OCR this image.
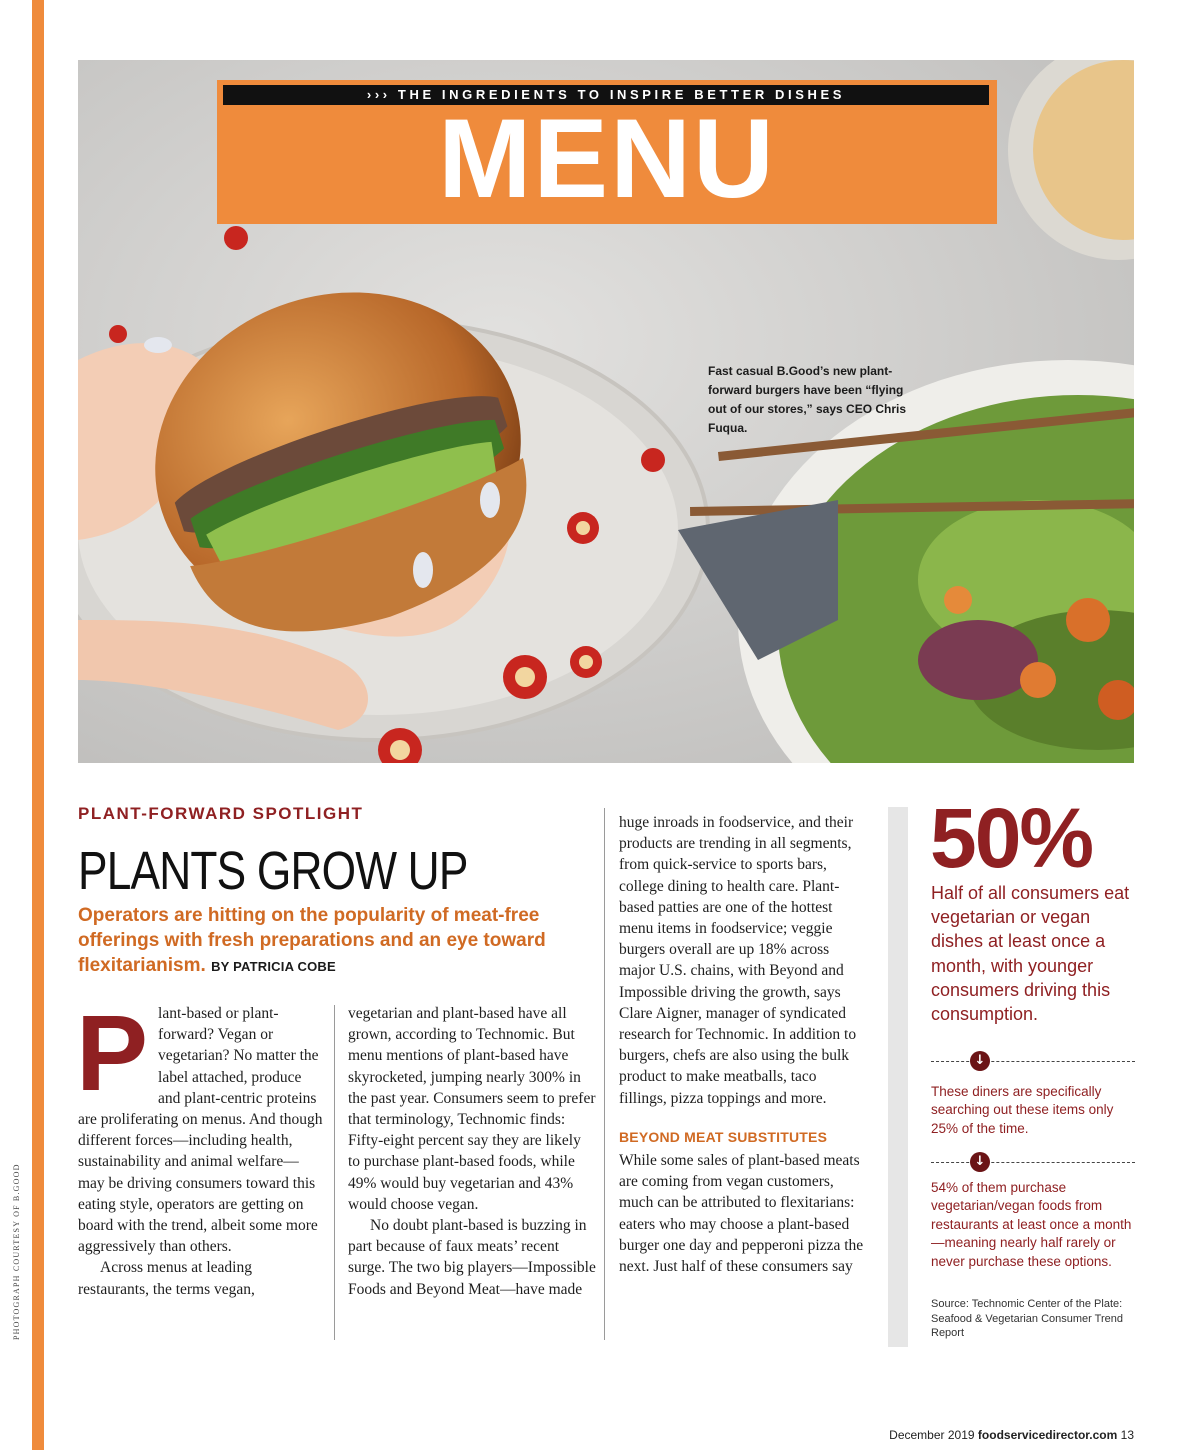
PHOTOGRAPH COURTESY OF B.GOOD
Fast casual B.Good’s new plant-forward burgers have been “flying out of our stores,” says CEO Chris Fuqua.
››› THE INGREDIENTS TO INSPIRE BETTER DISHES
MENU
PLANT-FORWARD SPOTLIGHT
PLANTS GROW UP
Operators are hitting on the popularity of meat-free offerings with fresh preparations and an eye toward flexitarianism. BY PATRICIA COBE
P lant-based or plant-forward? Vegan or vegetarian? No matter the label attached, produce and plant-centric proteins are proliferating on menus. And though different forces—including health, sustainability and animal welfare—may be driving consumers toward this eating style, operators are getting on board with the trend, albeit some more aggressively than others.

Across menus at leading restaurants, the terms vegan,

vegetarian and plant-based have all grown, according to Technomic. But menu mentions of plant-based have skyrocketed, jumping nearly 300% in the past year. Consumers seem to prefer that terminology, Technomic finds: Fifty-eight percent say they are likely to purchase plant-based foods, while 49% would buy vegetarian and 43% would choose vegan.

No doubt plant-based is buzzing in part because of faux meats’ recent surge. The two big players—Impossible Foods and Beyond Meat—have made

huge inroads in foodservice, and their products are trending in all segments, from quick-service to sports bars, college dining to health care. Plant-based patties are one of the hottest menu items in foodservice; veggie burgers overall are up 18% across major U.S. chains, with Beyond and Impossible driving the growth, says Clare Aigner, manager of syndicated research for Technomic. In addition to burgers, chefs are also using the bulk product to make meatballs, taco fillings, pizza toppings and more.

BEYOND MEAT SUBSTITUTES

While some sales of plant-based meats are coming from vegan customers, much can be attributed to flexitarians: eaters who may choose a plant-based burger one day and pepperoni pizza the next. Just half of these consumers say

50%
Half of all consumers eat vegetarian or vegan dishes at least once a month, with younger consumers driving this consumption.
↓
These diners are specifically searching out these items only 25% of the time.
↓
54% of them purchase vegetarian/vegan foods from restaurants at least once a month—meaning nearly half rarely or never purchase these options.
Source: Technomic Center of the Plate: Seafood & Vegetarian Consumer Trend Report
December 2019 foodservicedirector.com 13
